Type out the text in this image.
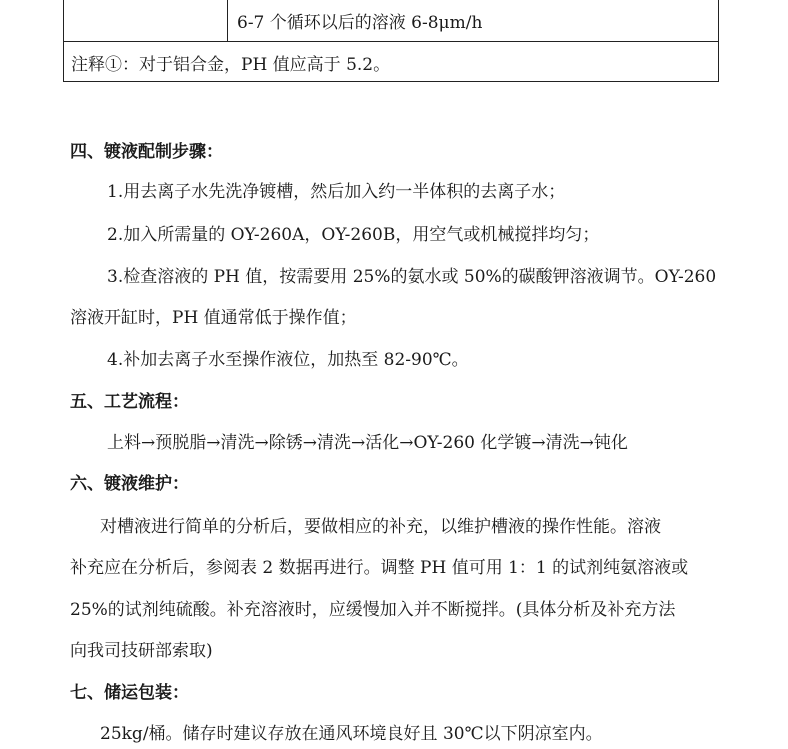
6-7 个循环以后的溶液 6-8μm/h
注释①：对于铝合金，PH 值应高于 5.2。
四、镀液配制步骤：
1.用去离子水先洗净镀槽，然后加入约一半体积的去离子水；
2.加入所需量的 OY-260A，OY-260B，用空气或机械搅拌均匀；
3.检查溶液的 PH 值，按需要用 25%的氨水或 50%的碳酸钾溶液调节。OY-260
溶液开缸时，PH 值通常低于操作值；
4.补加去离子水至操作液位，加热至 82-90℃。
五、工艺流程：
上料→预脱脂→清洗→除锈→清洗→活化→OY-260 化学镀→清洗→钝化
六、镀液维护：
对槽液进行简单的分析后，要做相应的补充，以维护槽液的操作性能。溶液
补充应在分析后，参阅表 2 数据再进行。调整 PH 值可用 1：1 的试剂纯氨溶液或
25%的试剂纯硫酸。补充溶液时，应缓慢加入并不断搅拌。(具体分析及补充方法
向我司技研部索取)
七、储运包装：
25kg/桶。储存时建议存放在通风环境良好且 30℃以下阴凉室内。
